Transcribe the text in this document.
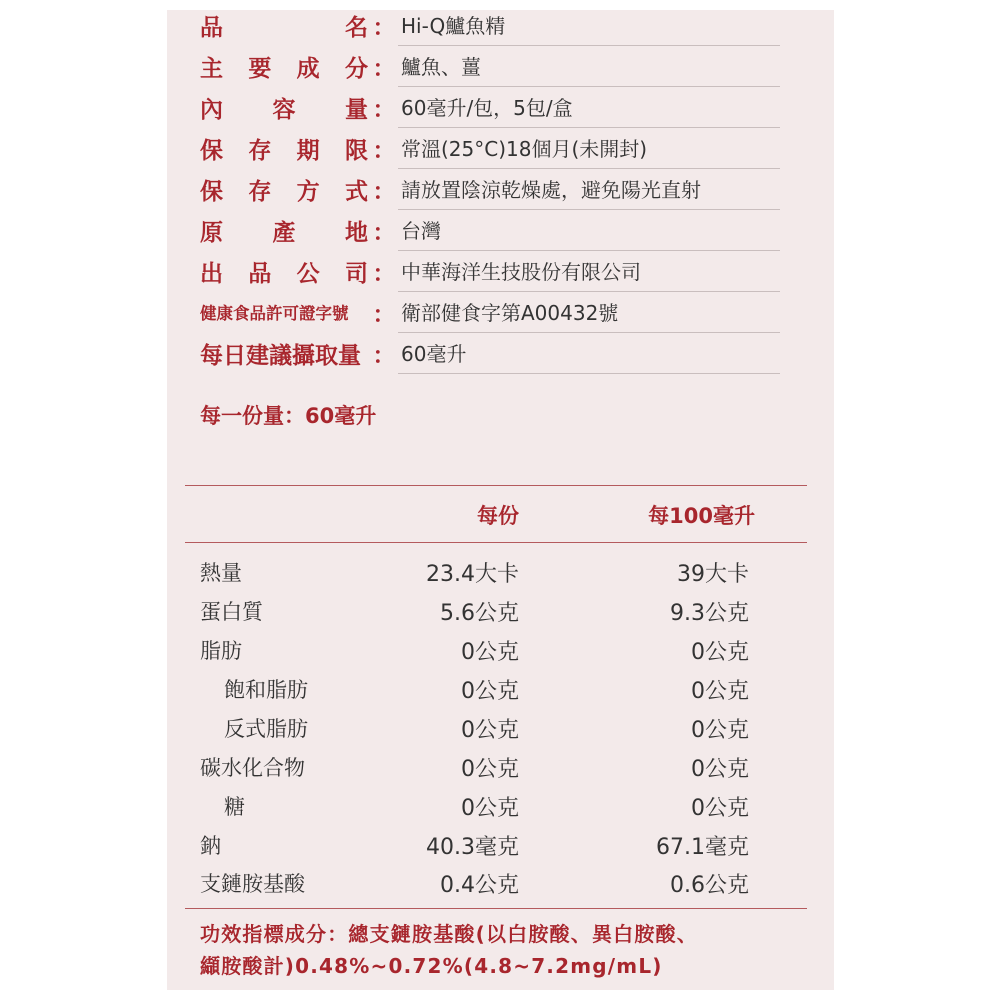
品	名 ： Hi-Q鱸魚精
主 要 成 分 ： 鱸魚、薑
內 容 量 ： 60毫升/包，5包/盒
保 存 期 限 ： 常溫(25°C)18個月(未開封)
保 存 方 式 ： 請放置陰涼乾燥處，避免陽光直射
原 產 地 ： 台灣
出 品 公 司 ： 中華海洋生技股份有限公司
健康食品許可證字號	： 衛部健食字第A00432號
每日建議攝取量 ： 60毫升
每一份量：60毫升
每份	每100毫升
熱量	23.4大卡	39大卡
蛋白質	5.6公克	9.3公克
脂肪	0公克	0公克
飽和脂肪	0公克	0公克
反式脂肪	0公克	0公克
碳水化合物	0公克	0公克
糖	0公克	0公克
鈉	40.3毫克	67.1毫克
支鏈胺基酸	0.4公克	0.6公克
功效指標成分：總支鏈胺基酸(以白胺酸、異白胺酸、
纈胺酸計)0.48%~0.72%(4.8~7.2mg/mL)
